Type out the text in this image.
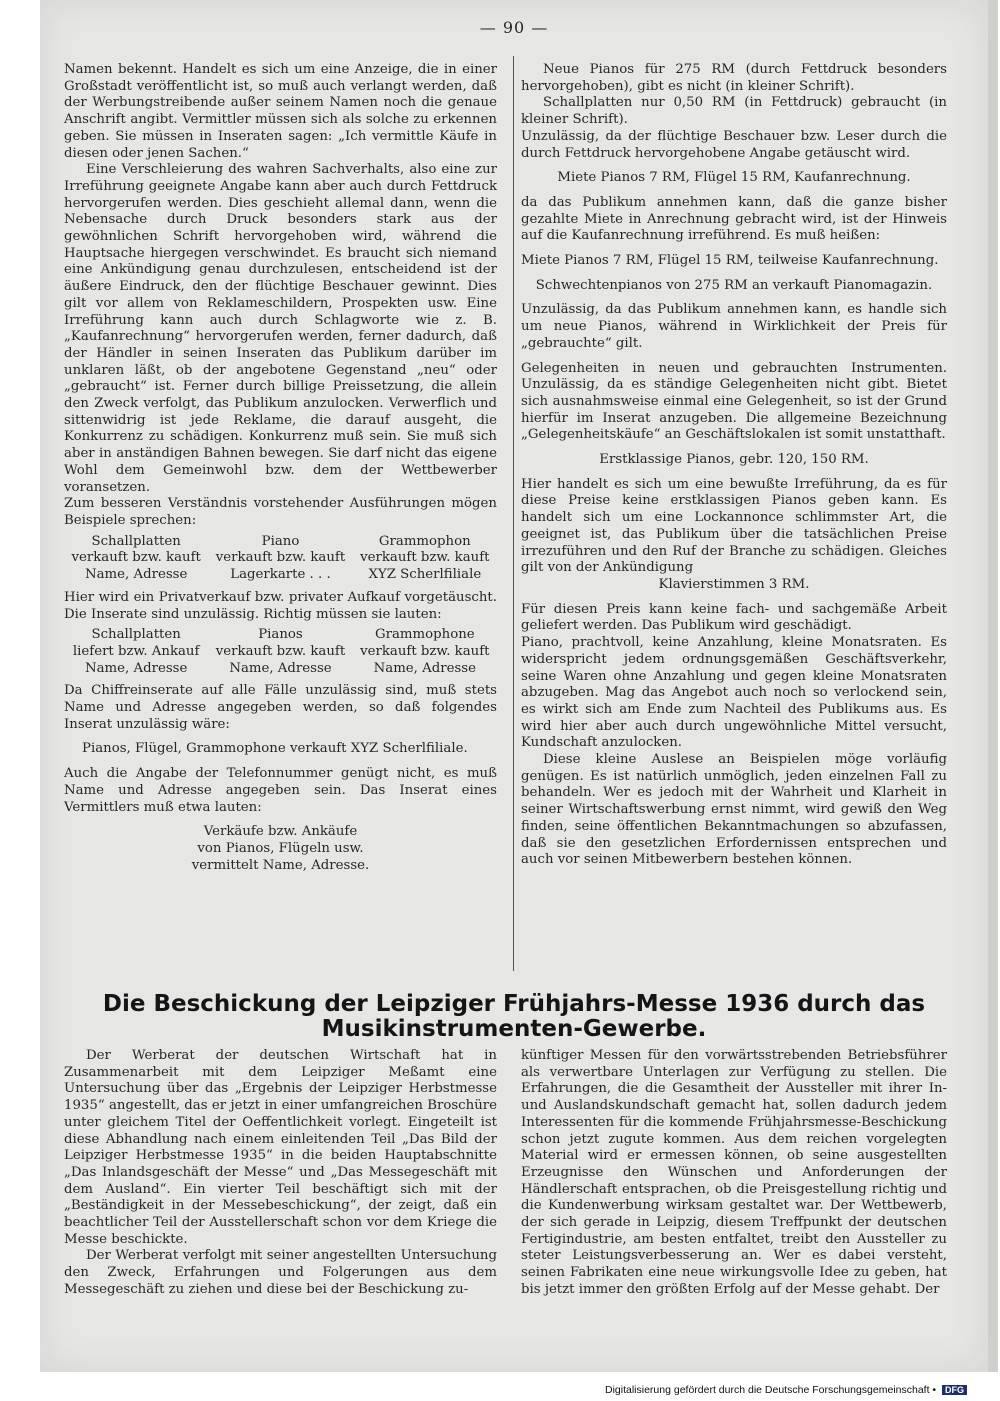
— 90 —

Namen bekennt. Handelt es sich um eine Anzeige, die in einer Großstadt veröffentlicht ist, so muß auch verlangt werden, daß der Werbungstreibende außer seinem Namen noch die genaue Anschrift angibt. Vermittler müssen sich als solche zu erkennen geben. Sie müssen in Inseraten sagen: „Ich vermittle Käufe in diesen oder jenen Sachen.“

Eine Verschleierung des wahren Sachverhalts, also eine zur Irreführung geeignete Angabe kann aber auch durch Fettdruck hervorgerufen werden. Dies geschieht allemal dann, wenn die Nebensache durch Druck besonders stark aus der gewöhnlichen Schrift hervorgehoben wird, während die Hauptsache hiergegen verschwindet. Es braucht sich niemand eine Ankündigung genau durchzulesen, entscheidend ist der äußere Eindruck, den der flüchtige Beschauer gewinnt. Dies gilt vor allem von Reklameschildern, Prospekten usw. Eine Irreführung kann auch durch Schlagworte wie z. B. „Kaufanrechnung“ hervorgerufen werden, ferner dadurch, daß der Händler in seinen Inseraten das Publikum darüber im unklaren läßt, ob der angebotene Gegenstand „neu“ oder „gebraucht“ ist. Ferner durch billige Preissetzung, die allein den Zweck verfolgt, das Publikum anzulocken. Verwerflich und sittenwidrig ist jede Reklame, die darauf ausgeht, die Konkurrenz zu schädigen. Konkurrenz muß sein. Sie muß sich aber in anständigen Bahnen bewegen. Sie darf nicht das eigene Wohl dem Gemeinwohl bzw. dem der Wettbewerber voransetzen.

Zum besseren Verständnis vorstehender Ausführungen mögen Beispiele sprechen:

Schallplatten	Piano	Grammophon
verkauft bzw. kauft	verkauft bzw. kauft	verkauft bzw. kauft
Name, Adresse	Lagerkarte . . .	XYZ Scherlfiliale

Hier wird ein Privatverkauf bzw. privater Aufkauf vorgetäuscht. Die Inserate sind unzulässig. Richtig müssen sie lauten:

Schallplatten	Pianos	Grammophone
liefert bzw. Ankauf	verkauft bzw. kauft	verkauft bzw. kauft
Name, Adresse	Name, Adresse	Name, Adresse

Da Chiffreinserate auf alle Fälle unzulässig sind, muß stets Name und Adresse angegeben werden, so daß folgendes Inserat unzulässig wäre:

Pianos, Flügel, Grammophone verkauft XYZ Scherlfiliale.

Auch die Angabe der Telefonnummer genügt nicht, es muß Name und Adresse angegeben sein. Das Inserat eines Vermittlers muß etwa lauten:

Verkäufe bzw. Ankäufe

von Pianos, Flügeln usw.

vermittelt Name, Adresse.

Neue Pianos für 275 RM (durch Fettdruck besonders hervorgehoben), gibt es nicht (in kleiner Schrift).

Schallplatten nur 0,50 RM (in Fettdruck) gebraucht (in kleiner Schrift).

Unzulässig, da der flüchtige Beschauer bzw. Leser durch die durch Fettdruck hervorgehobene Angabe getäuscht wird.

Miete Pianos 7 RM, Flügel 15 RM, Kaufanrechnung.

da das Publikum annehmen kann, daß die ganze bisher gezahlte Miete in Anrechnung gebracht wird, ist der Hinweis auf die Kaufanrechnung irreführend. Es muß heißen:

Miete Pianos 7 RM, Flügel 15 RM, teilweise Kaufanrechnung.

Schwechtenpianos von 275 RM an verkauft Pianomagazin.

Unzulässig, da das Publikum annehmen kann, es handle sich um neue Pianos, während in Wirklichkeit der Preis für „gebrauchte“ gilt.

Gelegenheiten in neuen und gebrauchten Instrumenten. Unzulässig, da es ständige Gelegenheiten nicht gibt. Bietet sich ausnahmsweise einmal eine Gelegenheit, so ist der Grund hierfür im Inserat anzugeben. Die allgemeine Bezeichnung „Gelegenheitskäufe“ an Geschäftslokalen ist somit unstatthaft.

Erstklassige Pianos, gebr. 120, 150 RM.

Hier handelt es sich um eine bewußte Irreführung, da es für diese Preise keine erstklassigen Pianos geben kann. Es handelt sich um eine Lockannonce schlimmster Art, die geeignet ist, das Publikum über die tatsächlichen Preise irrezuführen und den Ruf der Branche zu schädigen. Gleiches gilt von der Ankündigung

Klavierstimmen 3 RM.

Für diesen Preis kann keine fach- und sachgemäße Arbeit geliefert werden. Das Publikum wird geschädigt.

Piano, prachtvoll, keine Anzahlung, kleine Monatsraten. Es widerspricht jedem ordnungsgemäßen Geschäftsverkehr, seine Waren ohne Anzahlung und gegen kleine Monatsraten abzugeben. Mag das Angebot auch noch so verlockend sein, es wirkt sich am Ende zum Nachteil des Publikums aus. Es wird hier aber auch durch ungewöhnliche Mittel versucht, Kundschaft anzulocken.

Diese kleine Auslese an Beispielen möge vorläufig genügen. Es ist natürlich unmöglich, jeden einzelnen Fall zu behandeln. Wer es jedoch mit der Wahrheit und Klarheit in seiner Wirtschaftswerbung ernst nimmt, wird gewiß den Weg finden, seine öffentlichen Bekanntmachungen so abzufassen, daß sie den gesetzlichen Erfordernissen entsprechen und auch vor seinen Mitbewerbern bestehen können.

Die Beschickung der Leipziger Frühjahrs-Messe 1936 durch das
Musikinstrumenten-Gewerbe.

Der Werberat der deutschen Wirtschaft hat in Zusammenarbeit mit dem Leipziger Meßamt eine Untersuchung über das „Ergebnis der Leipziger Herbstmesse 1935“ angestellt, das er jetzt in einer umfangreichen Broschüre unter gleichem Titel der Oeffentlichkeit vorlegt. Eingeteilt ist diese Abhandlung nach einem einleitenden Teil „Das Bild der Leipziger Herbstmesse 1935“ in die beiden Hauptabschnitte „Das Inlandsgeschäft der Messe“ und „Das Messegeschäft mit dem Ausland“. Ein vierter Teil beschäftigt sich mit der „Beständigkeit in der Messebeschickung“, der zeigt, daß ein beachtlicher Teil der Ausstellerschaft schon vor dem Kriege die Messe beschickte.

Der Werberat verfolgt mit seiner angestellten Untersuchung den Zweck, Erfahrungen und Folgerungen aus dem Messegeschäft zu ziehen und diese bei der Beschickung zu-

künftiger Messen für den vorwärtsstrebenden Betriebsführer als verwertbare Unterlagen zur Verfügung zu stellen. Die Erfahrungen, die die Gesamtheit der Aussteller mit ihrer In- und Auslandskundschaft gemacht hat, sollen dadurch jedem Interessenten für die kommende Frühjahrsmesse-Beschickung schon jetzt zugute kommen. Aus dem reichen vorgelegten Material wird er ermessen können, ob seine ausgestellten Erzeugnisse den Wünschen und Anforderungen der Händlerschaft entsprachen, ob die Preisgestellung richtig und die Kundenwerbung wirksam gestaltet war. Der Wettbewerb, der sich gerade in Leipzig, diesem Treffpunkt der deutschen Fertigindustrie, am besten entfaltet, treibt den Aussteller zu steter Leistungsverbesserung an. Wer es dabei versteht, seinen Fabrikaten eine neue wirkungsvolle Idee zu geben, hat bis jetzt immer den größten Erfolg auf der Messe gehabt. Der

Digitalisierung gefördert durch die Deutsche Forschungsgemeinschaft • DFG
